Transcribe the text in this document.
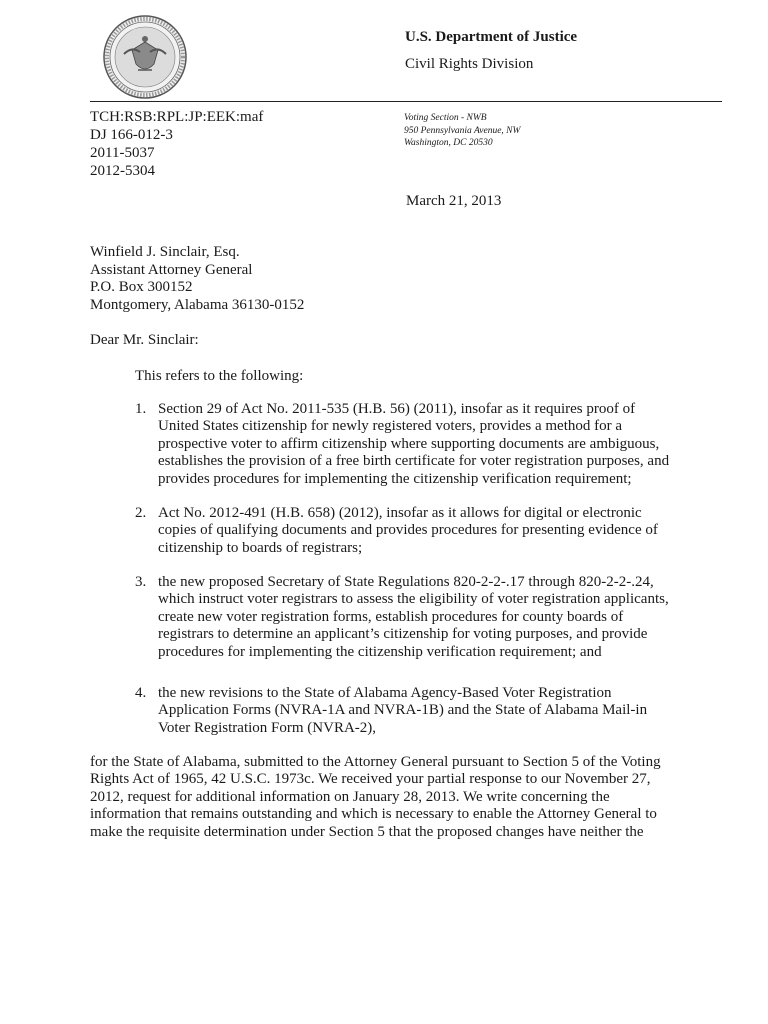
U.S. Department of Justice
Civil Rights Division
TCH:RSB:RPL:JP:EEK:maf
DJ 166-012-3
2011-5037
2012-5304
Voting Section - NWB
950 Pennsylvania Avenue, NW
Washington, DC 20530
March 21, 2013
Winfield J. Sinclair, Esq.
Assistant Attorney General
P.O. Box 300152
Montgomery, Alabama 36130-0152
Dear Mr. Sinclair:
This refers to the following:
1. Section 29 of Act No. 2011-535 (H.B. 56) (2011), insofar as it requires proof of
United States citizenship for newly registered voters, provides a method for a
prospective voter to affirm citizenship where supporting documents are ambiguous,
establishes the provision of a free birth certificate for voter registration purposes, and
provides procedures for implementing the citizenship verification requirement;
2. Act No. 2012-491 (H.B. 658) (2012), insofar as it allows for digital or electronic
copies of qualifying documents and provides procedures for presenting evidence of
citizenship to boards of registrars;
3. the new proposed Secretary of State Regulations 820-2-2-.17 through 820-2-2-.24,
which instruct voter registrars to assess the eligibility of voter registration applicants,
create new voter registration forms, establish procedures for county boards of
registrars to determine an applicant’s citizenship for voting purposes, and provide
procedures for implementing the citizenship verification requirement; and
4. the new revisions to the State of Alabama Agency-Based Voter Registration
Application Forms (NVRA-1A and NVRA-1B) and the State of Alabama Mail-in
Voter Registration Form (NVRA-2),
for the State of Alabama, submitted to the Attorney General pursuant to Section 5 of the Voting
Rights Act of 1965, 42 U.S.C. 1973c. We received your partial response to our November 27,
2012, request for additional information on January 28, 2013. We write concerning the
information that remains outstanding and which is necessary to enable the Attorney General to
make the requisite determination under Section 5 that the proposed changes have neither the
